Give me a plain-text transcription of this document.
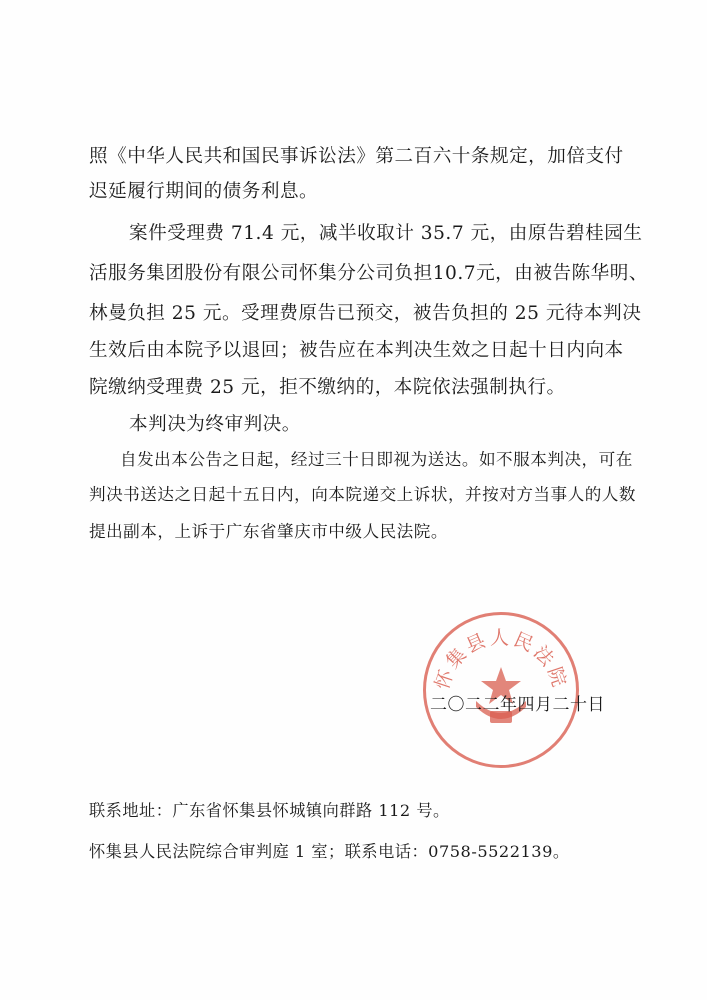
照《中华人民共和国民事诉讼法》第二百六十条规定，加倍支付
迟延履行期间的债务利息。
案件受理费 71.4 元，减半收取计 35.7 元，由原告碧桂园生
活服务集团股份有限公司怀集分公司负担10.7元，由被告陈华明、
林曼负担 25 元。受理费原告已预交，被告负担的 25 元待本判决
生效后由本院予以退回；被告应在本判决生效之日起十日内向本
院缴纳受理费 25 元，拒不缴纳的，本院依法强制执行。
本判决为终审判决。
自发出本公告之日起，经过三十日即视为送达。如不服本判决，可在
判决书送达之日起十五日内，向本院递交上诉状，并按对方当事人的人数
提出副本，上诉于广东省肇庆市中级人民法院。
怀集县人民法院
二〇二二年四月二十日
联系地址：广东省怀集县怀城镇向群路 112 号。
怀集县人民法院综合审判庭 1 室；联系电话：0758-5522139。
